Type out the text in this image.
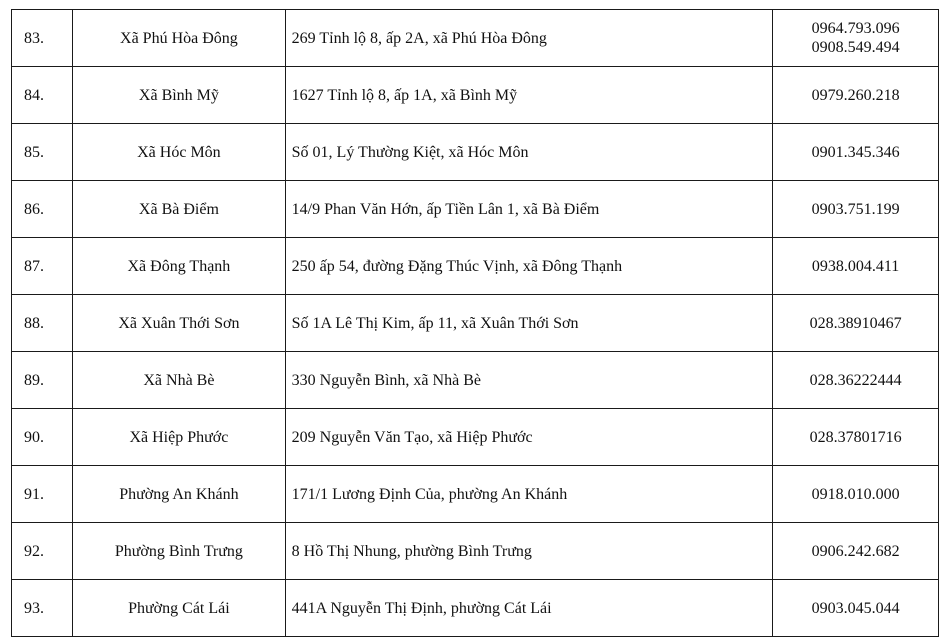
83.	Xã Phú Hòa Đông	269 Tỉnh lộ 8, ấp 2A, xã Phú Hòa Đông	0964.793.096
0908.549.494

84.	Xã Bình Mỹ	1627 Tỉnh lộ 8, ấp 1A, xã Bình Mỹ	0979.260.218

85.	Xã Hóc Môn	Số 01, Lý Thường Kiệt, xã Hóc Môn	0901.345.346

86.	Xã Bà Điểm	14/9 Phan Văn Hớn, ấp Tiền Lân 1, xã Bà Điểm	0903.751.199

87.	Xã Đông Thạnh	250 ấp 54, đường Đặng Thúc Vịnh, xã Đông Thạnh	0938.004.411

88.	Xã Xuân Thới Sơn	Số 1A Lê Thị Kim, ấp 11, xã Xuân Thới Sơn	028.38910467

89.	Xã Nhà Bè	330 Nguyễn Bình, xã Nhà Bè	028.36222444

90.	Xã Hiệp Phước	209 Nguyễn Văn Tạo, xã Hiệp Phước	028.37801716

91.	Phường An Khánh	171/1 Lương Định Của, phường An Khánh	0918.010.000

92.	Phường Bình Trưng	8 Hồ Thị Nhung, phường Bình Trưng	0906.242.682

93.	Phường Cát Lái	441A Nguyễn Thị Định, phường Cát Lái	0903.045.044
